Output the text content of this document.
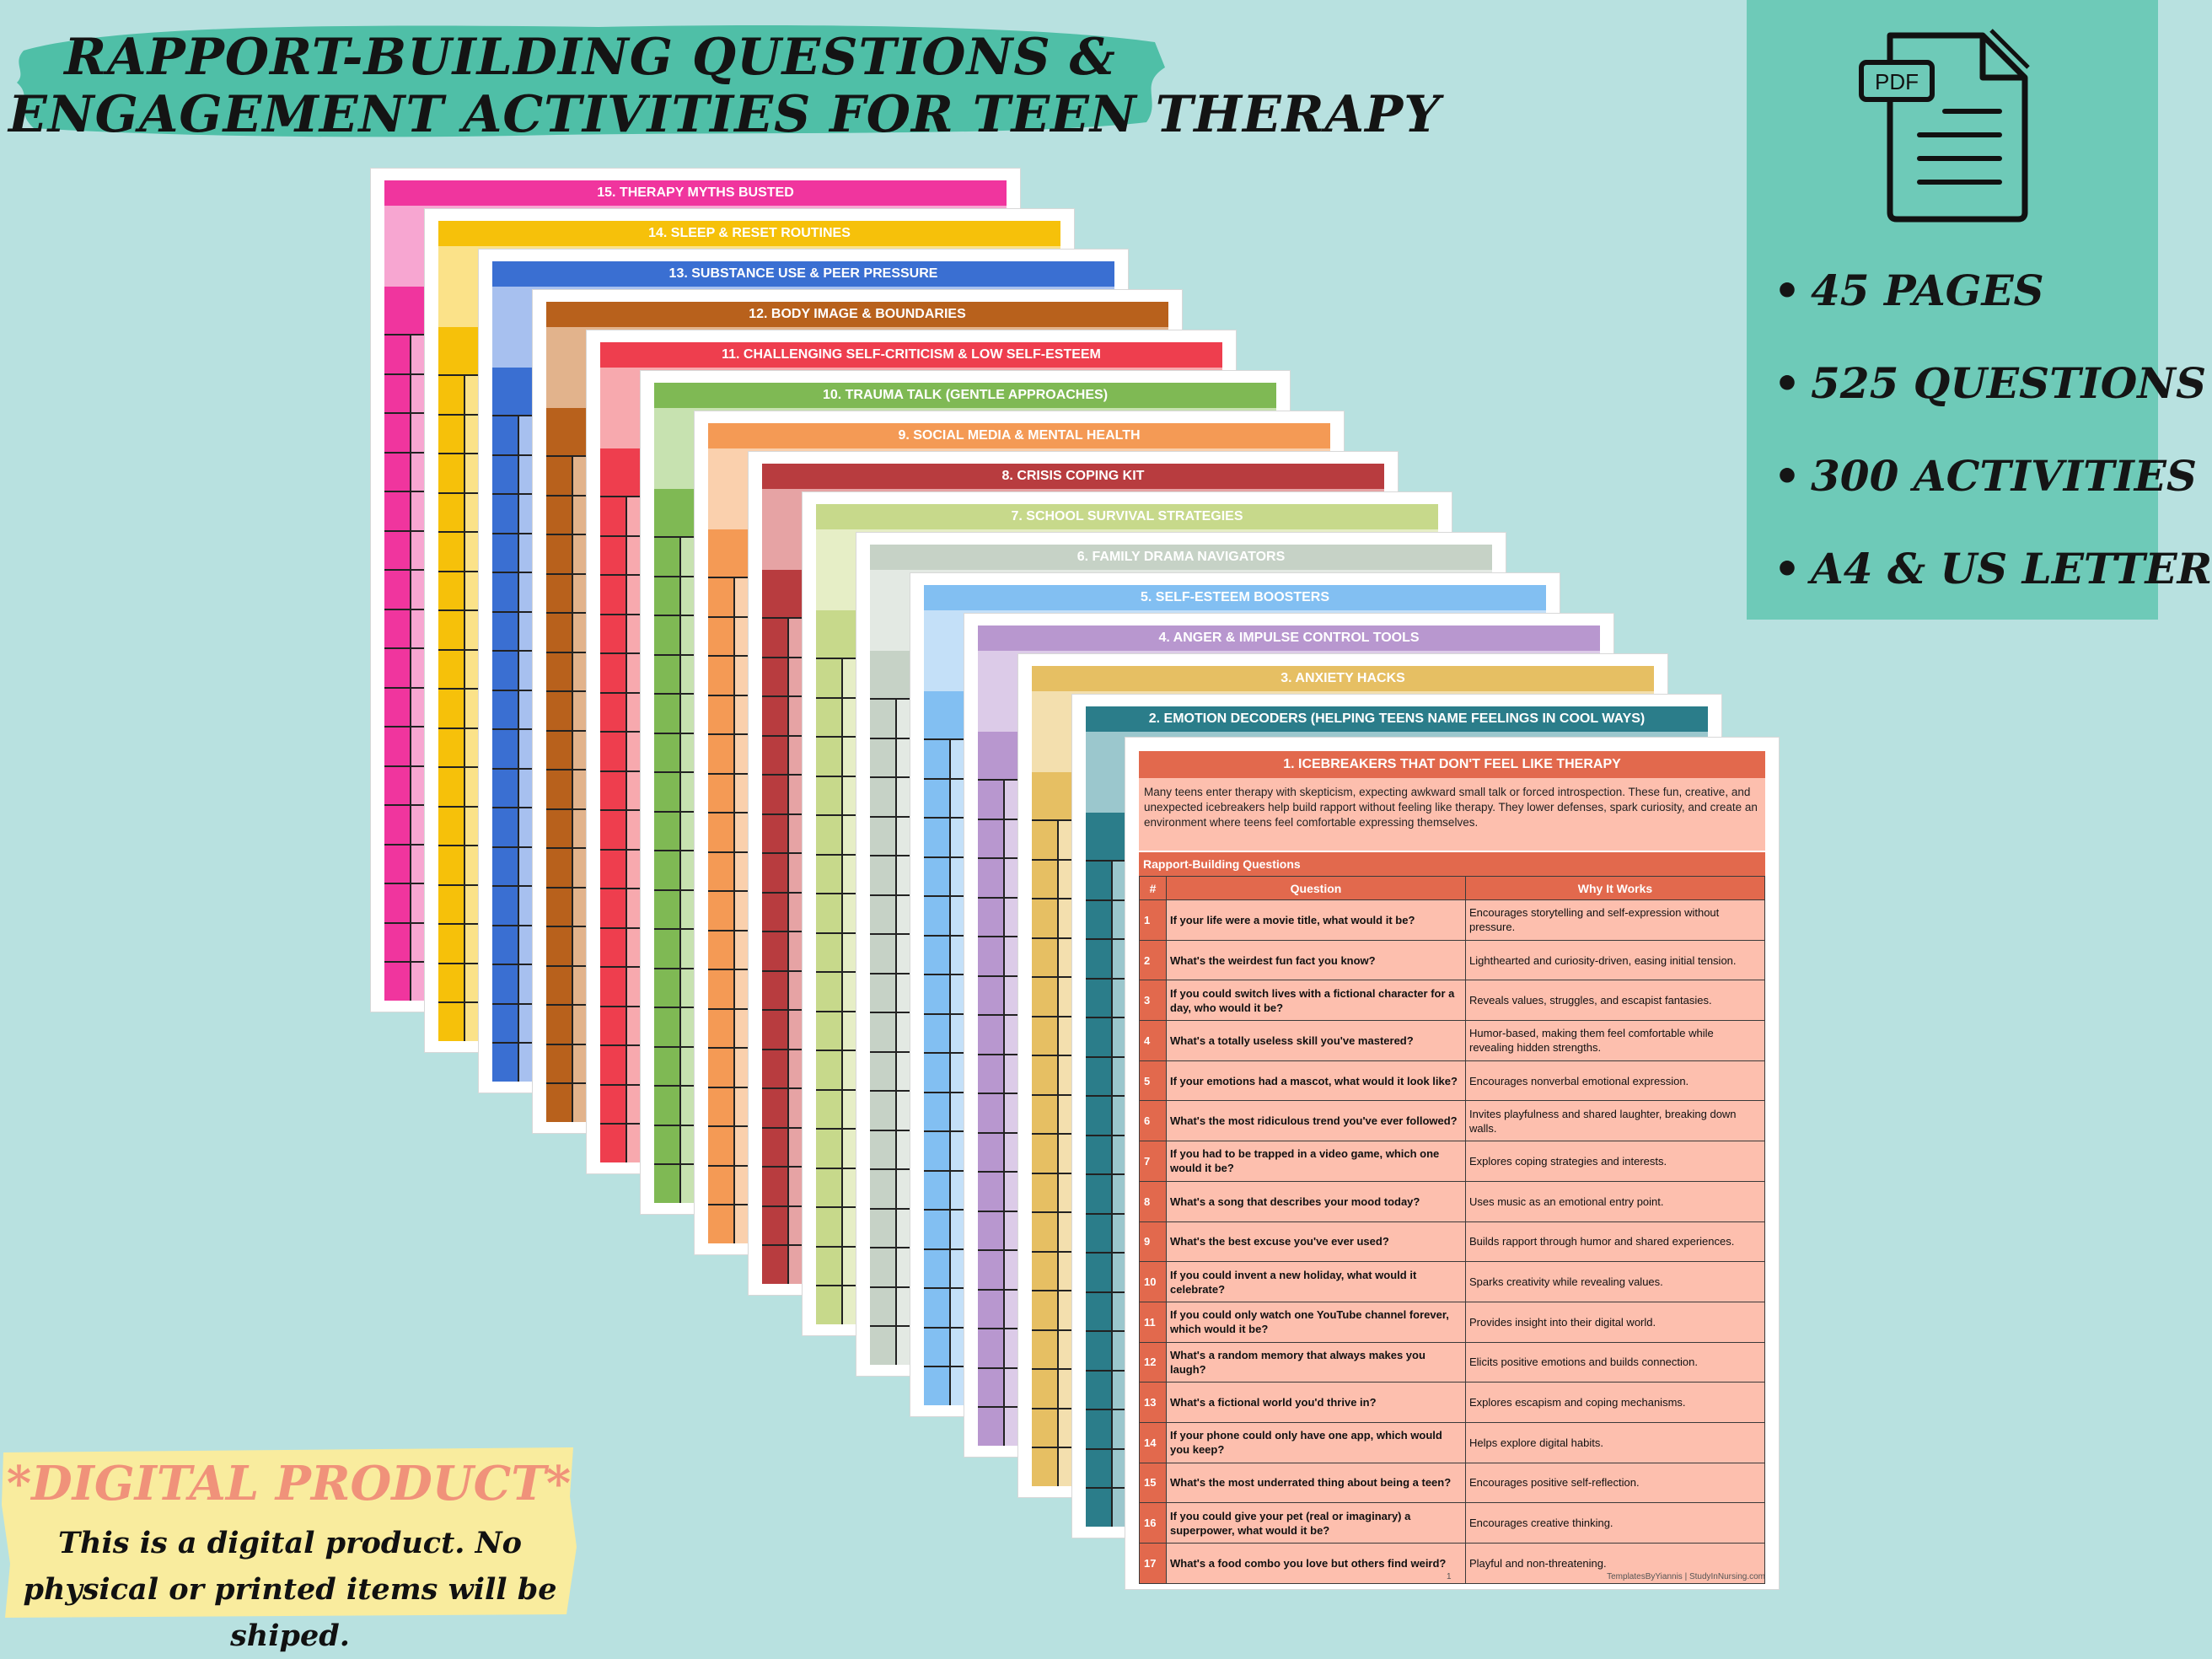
RAPPORT-BUILDING QUESTIONS &
ENGAGEMENT ACTIVITIES FOR TEEN THERAPY
PDF
• 45 PAGES
• 525 QUESTIONS
• 300 ACTIVITIES
• A4 & US LETTER
15. THERAPY MYTHS BUSTED
14. SLEEP & RESET ROUTINES
13. SUBSTANCE USE & PEER PRESSURE
12. BODY IMAGE & BOUNDARIES
11. CHALLENGING SELF-CRITICISM & LOW SELF-ESTEEM
10. TRAUMA TALK (GENTLE APPROACHES)
9. SOCIAL MEDIA & MENTAL HEALTH
8. CRISIS COPING KIT
7. SCHOOL SURVIVAL STRATEGIES
6. FAMILY DRAMA NAVIGATORS
5. SELF-ESTEEM BOOSTERS
4. ANGER & IMPULSE CONTROL TOOLS
3. ANXIETY HACKS
2. EMOTION DECODERS (HELPING TEENS NAME FEELINGS IN COOL WAYS)
1. ICEBREAKERS THAT DON'T FEEL LIKE THERAPY
Many teens enter therapy with skepticism, expecting awkward small talk or forced introspection. These fun, creative, and unexpected icebreakers help build rapport without feeling like therapy. They lower defenses, spark curiosity, and create an environment where teens feel comfortable expressing themselves.
Rapport-Building Questions
#	Question	Why It Works
1	If your life were a movie title, what would it be?	Encourages storytelling and self-expression without pressure.
2	What's the weirdest fun fact you know?	Lighthearted and curiosity-driven, easing initial tension.
3	If you could switch lives with a fictional character for a day, who would it be?	Reveals values, struggles, and escapist fantasies.
4	What's a totally useless skill you've mastered?	Humor-based, making them feel comfortable while revealing hidden strengths.
5	If your emotions had a mascot, what would it look like?	Encourages nonverbal emotional expression.
6	What's the most ridiculous trend you've ever followed?	Invites playfulness and shared laughter, breaking down walls.
7	If you had to be trapped in a video game, which one would it be?	Explores coping strategies and interests.
8	What's a song that describes your mood today?	Uses music as an emotional entry point.
9	What's the best excuse you've ever used?	Builds rapport through humor and shared experiences.
10	If you could invent a new holiday, what would it celebrate?	Sparks creativity while revealing values.
11	If you could only watch one YouTube channel forever, which would it be?	Provides insight into their digital world.
12	What's a random memory that always makes you laugh?	Elicits positive emotions and builds connection.
13	What's a fictional world you'd thrive in?	Explores escapism and coping mechanisms.
14	If your phone could only have one app, which would you keep?	Helps explore digital habits.
15	What's the most underrated thing about being a teen?	Encourages positive self-reflection.
16	If you could give your pet (real or imaginary) a superpower, what would it be?	Encourages creative thinking.
17	What's a food combo you love but others find weird?	Playful and non-threatening.
1	TemplatesByYiannis | StudyInNursing.com
*DIGITAL PRODUCT*
This is a digital product. No physical or printed items will be shiped.
